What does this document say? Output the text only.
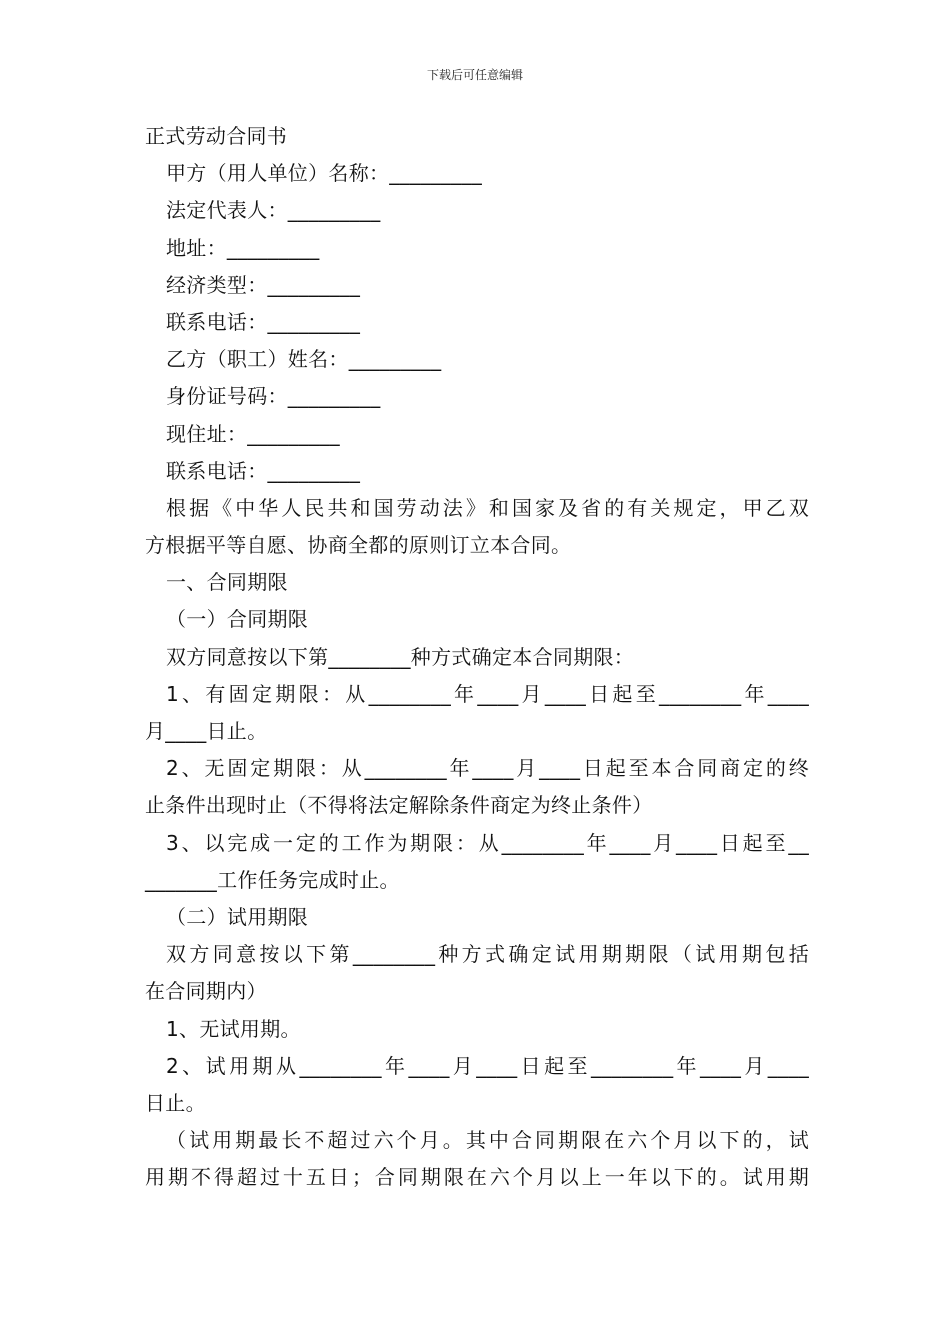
下载后可任意编辑
正式劳动合同书
甲方（用人单位）名称：_________
法定代表人：_________
地址：_________
经济类型：_________
联系电话：_________
乙方（职工）姓名：_________
身份证号码：_________
现住址：_________
联系电话：_________
根据《中华人民共和国劳动法》和国家及省的有关规定，甲乙双
方根据平等自愿、协商全都的原则订立本合同。
一、合同期限
（一）合同期限
双方同意按以下第________种方式确定本合同期限：
1、有固定期限：从________年____月____日起至________年____
月____日止。
2、无固定期限：从________年____月____日起至本合同商定的终
止条件出现时止（不得将法定解除条件商定为终止条件）
3、以完成一定的工作为期限：从________年____月____日起至__
_______工作任务完成时止。
（二）试用期限
双方同意按以下第________种方式确定试用期期限（试用期包括
在合同期内）
1、无试用期。
2、试用期从________年____月____日起至________年____月____
日止。
（试用期最长不超过六个月。其中合同期限在六个月以下的，试
用期不得超过十五日；合同期限在六个月以上一年以下的。试用期
